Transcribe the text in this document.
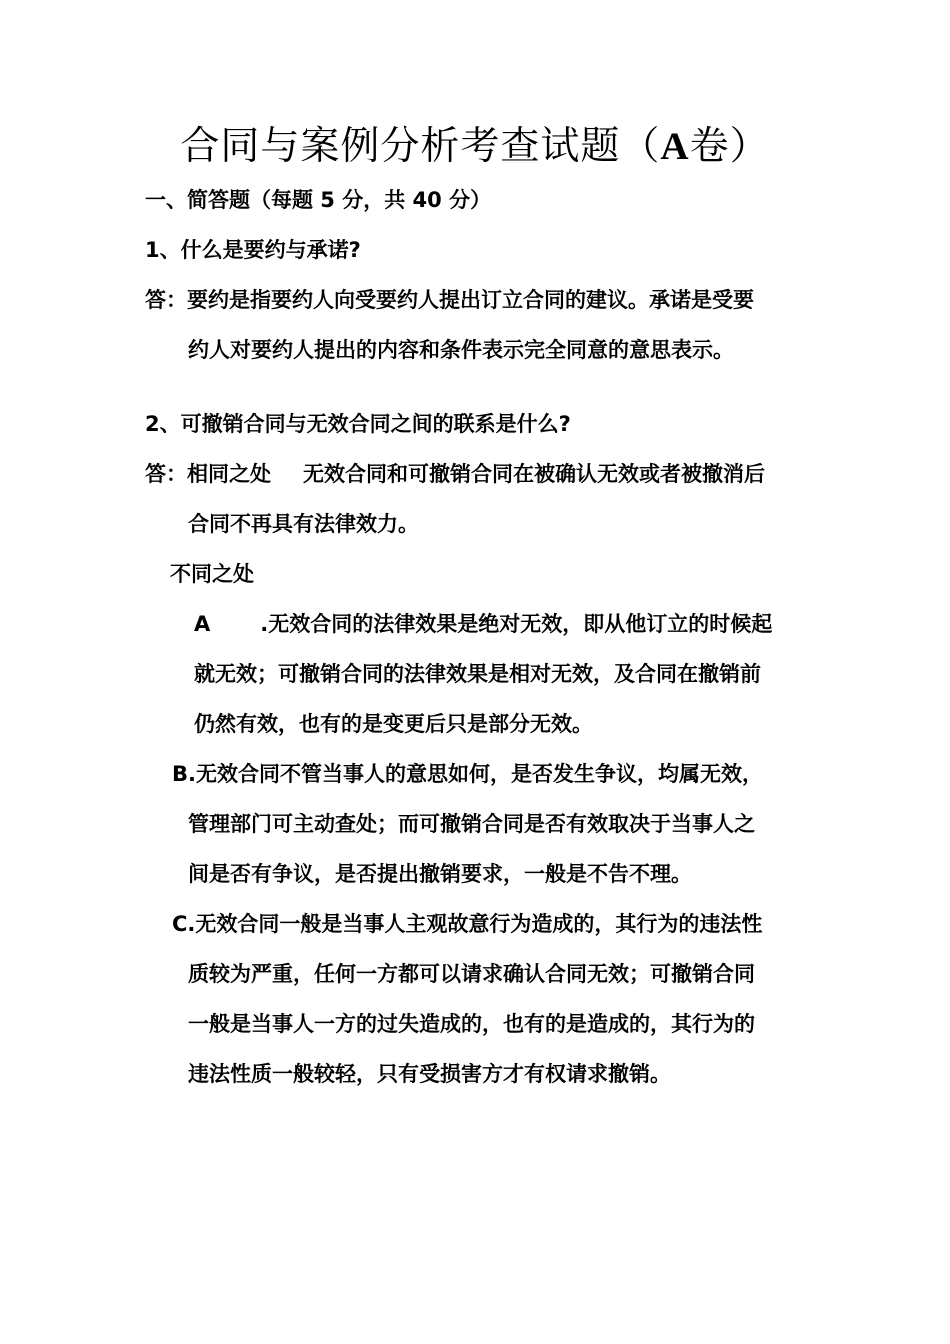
合同与案例分析考查试题（A卷）
一、简答题（每题 5 分，共 40 分）
1、什么是要约与承诺?
答：要约是指要约人向受要约人提出订立合同的建议。承诺是受要
约人对要约人提出的内容和条件表示完全同意的意思表示。
2、可撤销合同与无效合同之间的联系是什么?
答：相同之处 无效合同和可撤销合同在被确认无效或者被撤消后
合同不再具有法律效力。
不同之处
A .无效合同的法律效果是绝对无效，即从他订立的时候起
就无效；可撤销合同的法律效果是相对无效，及合同在撤销前
仍然有效，也有的是变更后只是部分无效。
B.无效合同不管当事人的意思如何，是否发生争议，均属无效，
管理部门可主动查处；而可撤销合同是否有效取决于当事人之
间是否有争议，是否提出撤销要求，一般是不告不理。
C.无效合同一般是当事人主观故意行为造成的，其行为的违法性
质较为严重，任何一方都可以请求确认合同无效；可撤销合同
一般是当事人一方的过失造成的，也有的是造成的，其行为的
违法性质一般较轻，只有受损害方才有权请求撤销。
